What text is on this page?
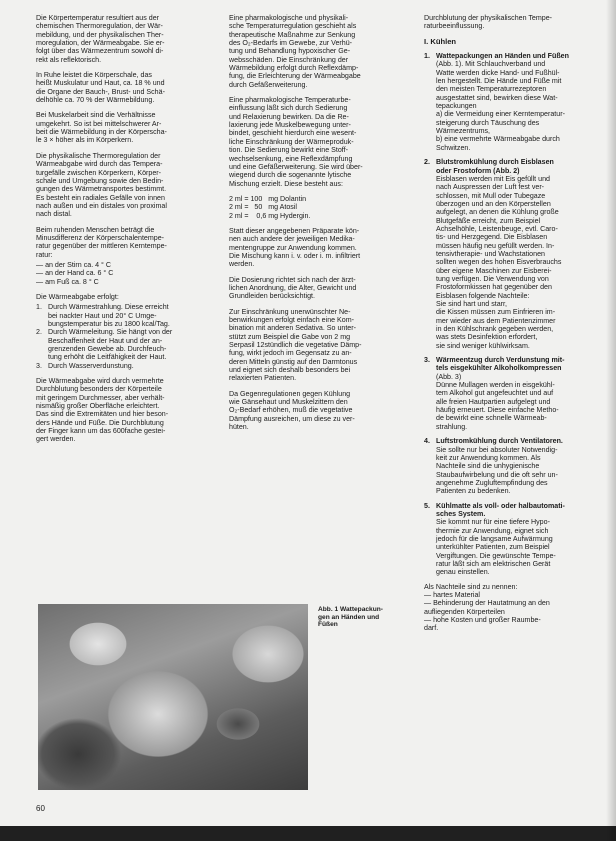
Die Körpertemperatur resultiert aus der
chemischen Thermoregulation, der Wär-
mebildung, und der physikalischen Ther-
moregulation, der Wärmeabgabe. Sie er-
folgt über das Wärmezentrum sowohl di-
rekt als reflektorisch.

In Ruhe leistet die Körperschale, das
heißt Muskulatur und Haut, ca. 18 % und
die Organe der Bauch-, Brust- und Schä-
delhöhle ca. 70 % der Wärmebildung.

Bei Muskelarbeit sind die Verhältnisse
umgekehrt. So ist bei mittelschwerer Ar-
beit die Wärmebildung in der Körperscha-
le 3 × höher als im Körperkern.

Die physikalische Thermoregulation der
Wärmeabgabe wird durch das Tempera-
turgefälle zwischen Körperkern, Körper-
schale und Umgebung sowie den Bedin-
gungen des Wärmetransportes bestimmt.
Es besteht ein radiales Gefälle von innen
nach außen und ein distales von proximal
nach distal.

Beim ruhenden Menschen beträgt die
Minusdifferenz der Körperschalentempe-
ratur gegenüber der mittleren Kerntempe-
ratur:

— an der Stirn ca. 4 ° C
— an der Hand ca. 6 ° C
— am Fuß ca. 8 ° C

Die Wärmeabgabe erfolgt:

1. Durch Wärmestrahlung. Diese erreicht
bei nackter Haut und 20° C Umge-
bungstemperatur bis zu 1800 kcal/Tag.
2. Durch Wärmeleitung. Sie hängt von der
Beschaffenheit der Haut und der an-
grenzenden Gewebe ab. Durchfeuch-
tung erhöht die Leitfähigkeit der Haut.
3. Durch Wasserverdunstung.

Die Wärmeabgabe wird durch vermehrte
Durchblutung besonders der Körperteile
mit geringem Durchmesser, aber verhält-
nismäßig großer Oberfläche erleichtert.
Das sind die Extremitäten und hier beson-
ders Hände und Füße. Die Durchblutung
der Finger kann um das 600fache gestei-
gert werden.

Eine pharmakologische und physikali-
sche Temperaturregulation geschieht als
therapeutische Maßnahme zur Senkung
des O₂-Bedarfs im Gewebe, zur Verhü-
tung und Behandlung hypoxischer Ge-
websschäden. Die Einschränkung der
Wärmebildung erfolgt durch Reflexdämp-
fung, die Erleichterung der Wärmeabgabe
durch Gefäßerweiterung.

Eine pharmakologische Temperaturbe-
einflussung läßt sich durch Sedierung
und Relaxierung bewirken. Da die Re-
laxierung jede Muskelbewegung unter-
bindet, geschieht hierdurch eine wesent-
liche Einschränkung der Wärmeproduk-
tion. Die Sedierung bewirkt eine Stoff-
wechselsenkung, eine Reflexdämpfung
und eine Gefäßerweiterung. Sie wird über-
wiegend durch die sogenannte lytische
Mischung erzielt. Diese besteht aus:

2 ml = 100   mg Dolantin
2 ml =   50   mg Atosil
2 ml =    0,6 mg Hydergin.

Statt dieser angegebenen Präparate kön-
nen auch andere der jeweiligen Medika-
mentengruppe zur Anwendung kommen.
Die Mischung kann i. v. oder i. m. infiltriert
werden.

Die Dosierung richtet sich nach der ärzt-
lichen Anordnung, die Alter, Gewicht und
Grundleiden berücksichtigt.

Zur Einschränkung unerwünschter Ne-
benwirkungen erfolgt einfach eine Kom-
bination mit anderen Sedativa. So unter-
stützt zum Beispiel die Gabe von 2 mg
Serpasil 12stündlich die vegetative Dämp-
fung, wirkt jedoch im Gegensatz zu an-
deren Mitteln günstig auf den Darmtonus
und eignet sich deshalb besonders bei
relaxierten Patienten.

Da Gegenregulationen gegen Kühlung
wie Gänsehaut und Muskelzittern den
O₂-Bedarf erhöhen, muß die vegetative
Dämpfung ausreichen, um diese zu ver-
hüten.

Durchblutung der physikalischen Tempe-
raturbeeinflussung.

I. Kühlen
1. Wattepackungen an Händen und Füßen
(Abb. 1). Mit Schlauchverband und
Watte werden dicke Hand- und Fußhül-
len hergestellt. Die Hände und Füße mit
den meisten Temperaturrezeptoren
ausgestattet sind, bewirken diese Wat-
tepackungen
a) die Vermeidung einer Kerntemperatur-
steigerung durch Täuschung des
Wärmezentrums,
b) eine vermehrte Wärmeabgabe durch
Schwitzen.
2. Blutstromkühlung durch Eisblasen
oder Frostoform (Abb. 2)
Eisblasen werden mit Eis gefüllt und
nach Auspressen der Luft fest ver-
schlossen, mit Mull oder Tubegaze
überzogen und an den Körperstellen
aufgelegt, an denen die Kühlung große
Blutgefäße erreicht, zum Beispiel
Achselhöhle, Leistenbeuge, evtl. Caro-
tis- und Herzgegend. Die Eisblasen
müssen häufig neu gefüllt werden. In-
tensivtherapie- und Wachstationen
sollten wegen des hohen Eisverbrauchs
über eigene Maschinen zur Eisberei-
tung verfügen. Die Verwendung von
Frostoformkissen hat gegenüber den
Eisblasen folgende Nachteile:
Sie sind hart und starr,
die Kissen müssen zum Einfrieren im-
mer wieder aus dem Patientenzimmer
in den Kühlschrank gegeben werden,
was stets Desinfektion erfordert,
sie sind weniger kühlwirksam.
3. Wärmeentzug durch Verdunstung mit-
tels eisgekühlter Alkoholkompressen
(Abb. 3)
Dünne Mullagen werden in eisgekühl-
tem Alkohol gut angefeuchtet und auf
alle freien Hautpartien aufgelegt und
häufig erneuert. Diese einfache Metho-
de bewirkt eine schnelle Wärmeab-
strahlung.
4. Luftstromkühlung durch Ventilatoren.
Sie sollte nur bei absoluter Notwendig-
keit zur Anwendung kommen. Als
Nachteile sind die unhygienische
Staubaufwirbelung und die oft sehr un-
angenehme Zugluftempfindung des
Patienten zu bedenken.
5. Kühlmatte als voll- oder halbautomati-
sches System.
Sie kommt nur für eine tiefere Hypo-
thermie zur Anwendung, eignet sich
jedoch für die langsame Aufwärmung
unterkühlter Patienten, zum Beispiel
Vergiftungen. Die gewünschte Tempe-
ratur läßt sich am elektrischen Gerät
genau einstellen.
Als Nachteile sind zu nennen:
— hartes Material
— Behinderung der Hautatmung an den
aufliegenden Körperteilen
— hohe Kosten und großer Raumbe-
darf.
Abb. 1 Wattepackun-
gen an Händen und
Füßen
60
